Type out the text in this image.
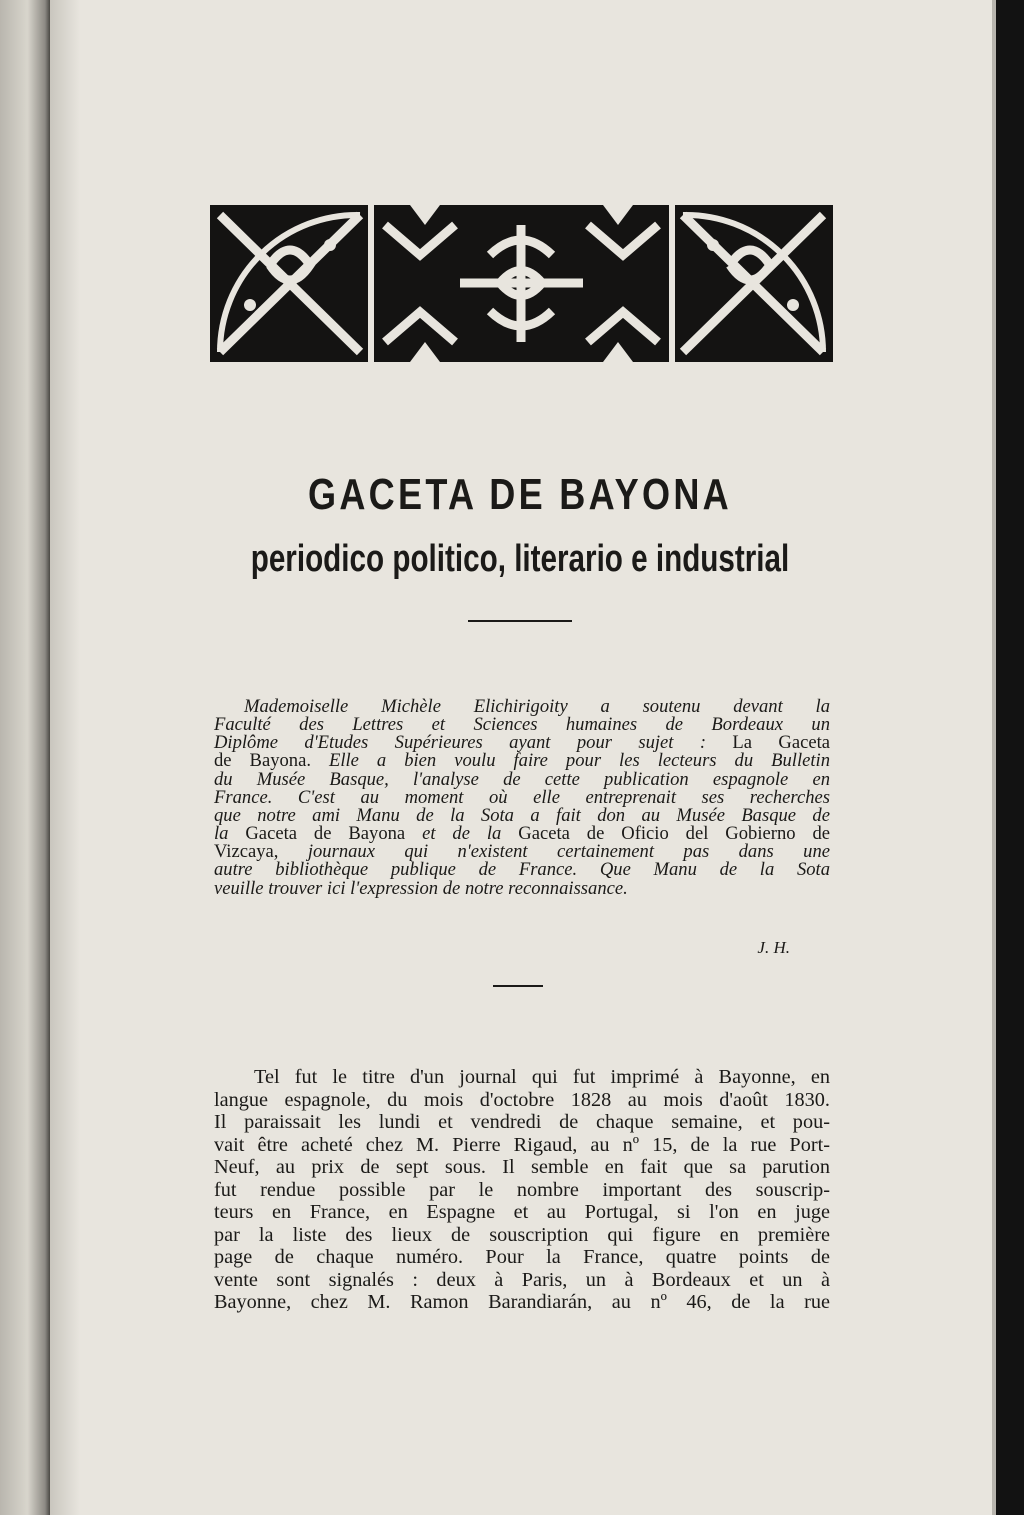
GACETA DE BAYONA
periodico politico, literario e industrial
Mademoiselle Michèle Elichirigoity a soutenu devant la
Faculté des Lettres et Sciences humaines de Bordeaux un
Diplôme d'Etudes Supérieures ayant pour sujet : La Gaceta
de Bayona. Elle a bien voulu faire pour les lecteurs du Bulletin
du Musée Basque, l'analyse de cette publication espagnole en
France. C'est au moment où elle entreprenait ses recherches
que notre ami Manu de la Sota a fait don au Musée Basque de
la Gaceta de Bayona et de la Gaceta de Oficio del Gobierno de
Vizcaya, journaux qui n'existent certainement pas dans une
autre bibliothèque publique de France. Que Manu de la Sota
veuille trouver ici l'expression de notre reconnaissance.
J. H.
Tel fut le titre d'un journal qui fut imprimé à Bayonne, en
langue espagnole, du mois d'octobre 1828 au mois d'août 1830.
Il paraissait les lundi et vendredi de chaque semaine, et pou-
vait être acheté chez M. Pierre Rigaud, au nº 15, de la rue Port-
Neuf, au prix de sept sous. Il semble en fait que sa parution
fut rendue possible par le nombre important des souscrip-
teurs en France, en Espagne et au Portugal, si l'on en juge
par la liste des lieux de souscription qui figure en première
page de chaque numéro. Pour la France, quatre points de
vente sont signalés : deux à Paris, un à Bordeaux et un à
Bayonne, chez M. Ramon Barandiarán, au nº 46, de la rue
